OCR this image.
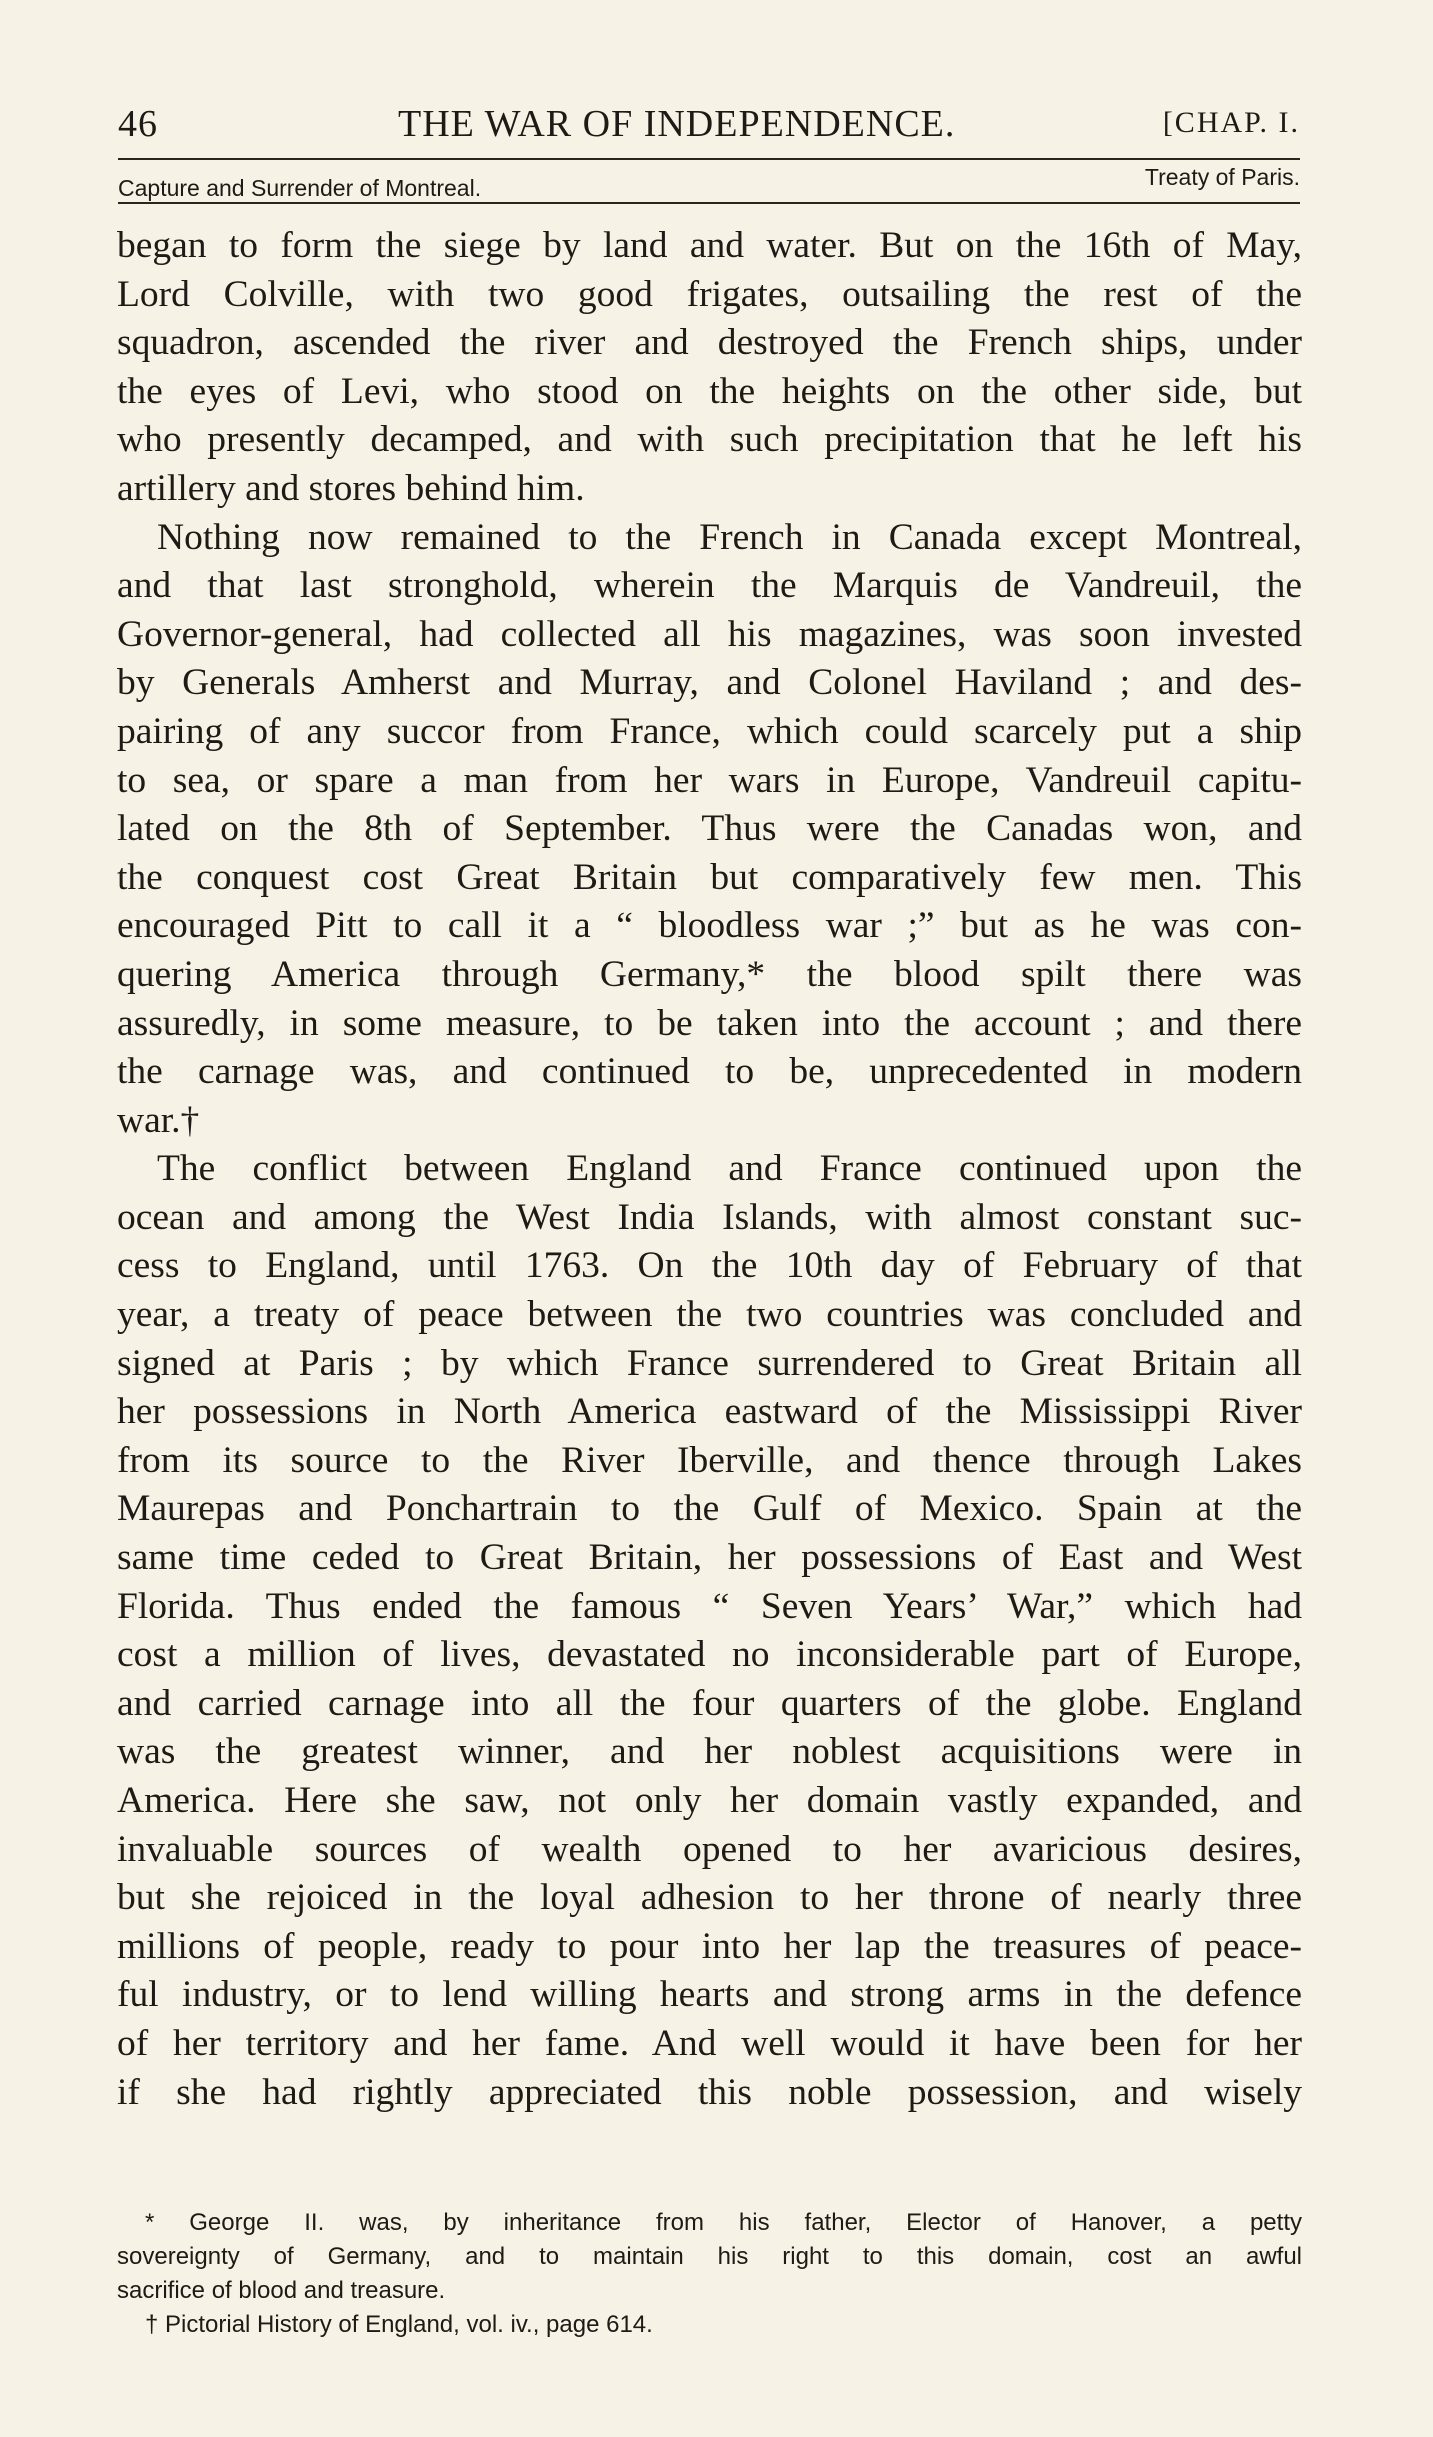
46	THE WAR OF INDEPENDENCE.	[CHAP. I.
Capture and Surrender of Montreal.	Treaty of Paris.
began to form the siege by land and water. But on the 16th of May,
Lord Colville, with two good frigates, outsailing the rest of the
squadron, ascended the river and destroyed the French ships, under
the eyes of Levi, who stood on the heights on the other side, but
who presently decamped, and with such precipitation that he left his
artillery and stores behind him.
Nothing now remained to the French in Canada except Montreal,
and that last stronghold, wherein the Marquis de Vandreuil, the
Governor-general, had collected all his magazines, was soon invested
by Generals Amherst and Murray, and Colonel Haviland ; and des-
pairing of any succor from France, which could scarcely put a ship
to sea, or spare a man from her wars in Europe, Vandreuil capitu-
lated on the 8th of September. Thus were the Canadas won, and
the conquest cost Great Britain but comparatively few men. This
encouraged Pitt to call it a “ bloodless war ;” but as he was con-
quering America through Germany,* the blood spilt there was
assuredly, in some measure, to be taken into the account ; and there
the carnage was, and continued to be, unprecedented in modern
war.†
The conflict between England and France continued upon the
ocean and among the West India Islands, with almost constant suc-
cess to England, until 1763. On the 10th day of February of that
year, a treaty of peace between the two countries was concluded and
signed at Paris ; by which France surrendered to Great Britain all
her possessions in North America eastward of the Mississippi River
from its source to the River Iberville, and thence through Lakes
Maurepas and Ponchartrain to the Gulf of Mexico. Spain at the
same time ceded to Great Britain, her possessions of East and West
Florida. Thus ended the famous “ Seven Years’ War,” which had
cost a million of lives, devastated no inconsiderable part of Europe,
and carried carnage into all the four quarters of the globe. England
was the greatest winner, and her noblest acquisitions were in
America. Here she saw, not only her domain vastly expanded, and
invaluable sources of wealth opened to her avaricious desires,
but she rejoiced in the loyal adhesion to her throne of nearly three
millions of people, ready to pour into her lap the treasures of peace-
ful industry, or to lend willing hearts and strong arms in the defence
of her territory and her fame. And well would it have been for her
if she had rightly appreciated this noble possession, and wisely
* George II. was, by inheritance from his father, Elector of Hanover, a petty
sovereignty of Germany, and to maintain his right to this domain, cost an awful
sacrifice of blood and treasure.
† Pictorial History of England, vol. iv., page 614.
